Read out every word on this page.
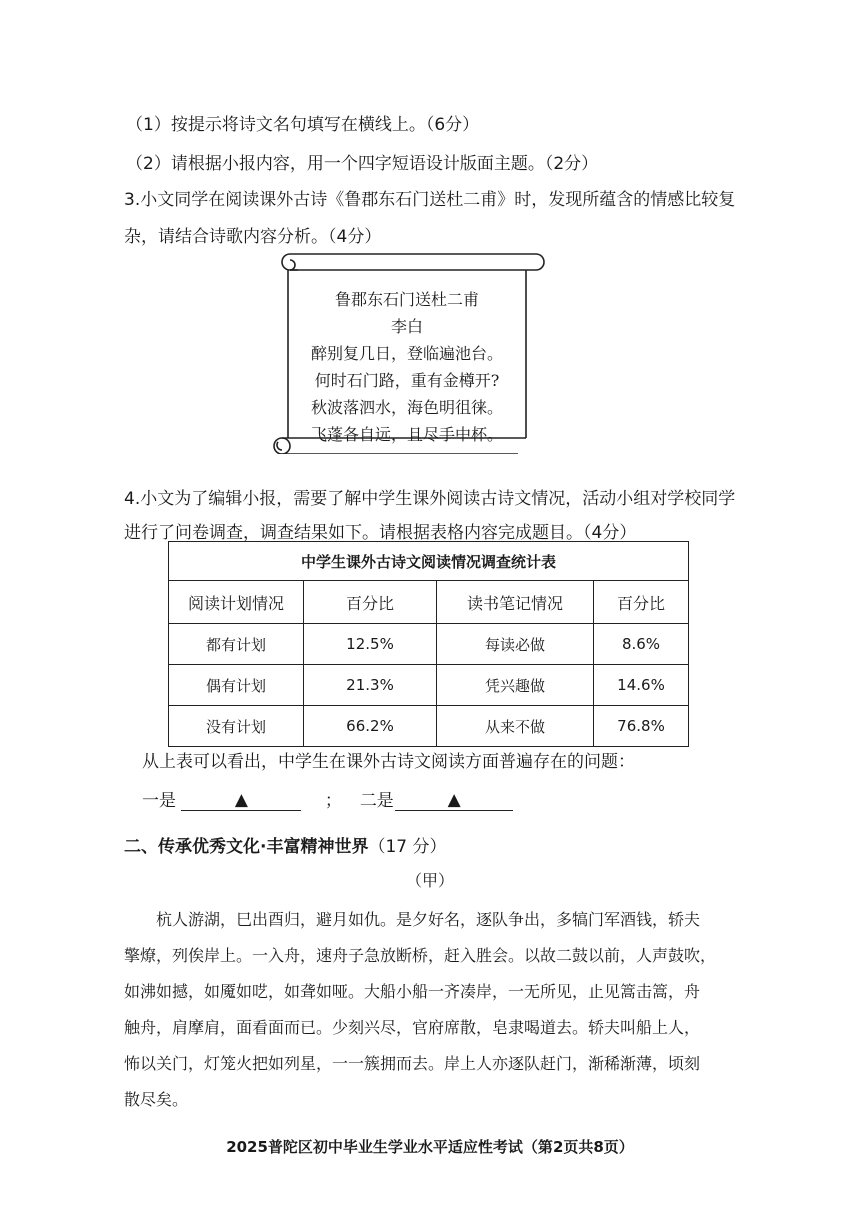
（1）按提示将诗文名句填写在横线上。（6分）
（2）请根据小报内容，用一个四字短语设计版面主题。（2分）
3.小文同学在阅读课外古诗《鲁郡东石门送杜二甫》时，发现所蕴含的情感比较复
杂，请结合诗歌内容分析。（4分）
鲁郡东石门送杜二甫
李白
醉别复几日，登临遍池台。
何时石门路，重有金樽开?
秋波落泗水，海色明徂徕。
飞蓬各自远，且尽手中杯。
4.小文为了编辑小报，需要了解中学生课外阅读古诗文情况，活动小组对学校同学
进行了问卷调查，调查结果如下。请根据表格内容完成题目。（4分）
中学生课外古诗文阅读情况调查统计表			
阅读计划情况	百分比	读书笔记情况	百分比
都有计划	12.5%	每读必做	8.6%
偶有计划	21.3%	凭兴趣做	14.6%
没有计划	66.2%	从来不做	76.8%
从上表可以看出，中学生在课外古诗文阅读方面普遍存在的问题：
一是	▲	； 二是	▲
二、传承优秀文化·丰富精神世界（17 分）
（甲）
杭人游湖，巳出酉归，避月如仇。是夕好名，逐队争出，多犒门军酒钱，轿夫
擎燎，列俟岸上。一入舟，速舟子急放断桥，赶入胜会。以故二鼓以前，人声鼓吹，
如沸如撼，如魇如呓，如聋如哑。大船小船一齐凑岸，一无所见，止见篙击篙，舟
触舟，肩摩肩，面看面而已。少刻兴尽，官府席散，皂隶喝道去。轿夫叫船上人，
怖以关门，灯笼火把如列星，一一簇拥而去。岸上人亦逐队赶门，渐稀渐薄，顷刻
散尽矣。
2025普陀区初中毕业生学业水平适应性考试（第2页共8页）
